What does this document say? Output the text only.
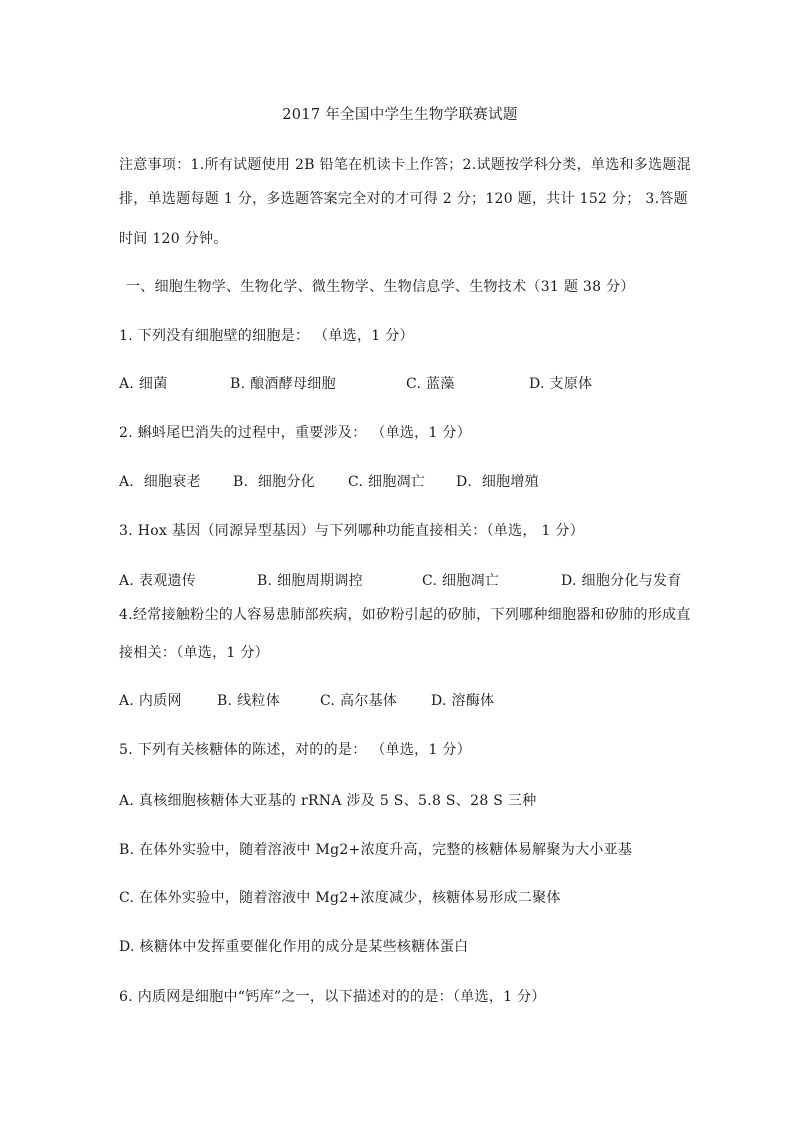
2017 年全国中学生生物学联赛试题
注意事项：1.所有试题使用 2B 铅笔在机读卡上作答；2.试题按学科分类，单选和多选题混
排，单选题每题 1 分，多选题答案完全对的才可得 2 分；120 题，共计 152 分； 3.答题
时间 120 分钟。
一、细胞生物学、生物化学、微生物学、生物信息学、生物技术（31 题 38 分）
1. 下列没有细胞壁的细胞是： （单选，1 分）
A. 细菌	B. 酿酒酵母细胞	C. 蓝藻	D. 支原体
2. 蝌蚪尾巴消失的过程中，重要涉及： （单选，1 分）
A．细胞衰老 B．细胞分化 C. 细胞凋亡 D．细胞增殖
3. Hox 基因（同源异型基因）与下列哪种功能直接相关：（单选， 1 分）
A. 表观遗传	B. 细胞周期调控	C. 细胞凋亡	D. 细胞分化与发育
4.经常接触粉尘的人容易患肺部疾病，如矽粉引起的矽肺，下列哪种细胞器和矽肺的形成直
接相关：（单选，1 分）
A. 内质网	B. 线粒体	C. 高尔基体 D. 溶酶体
5. 下列有关核糖体的陈述，对的的是： （单选，1 分）
A. 真核细胞核糖体大亚基的 rRNA 涉及 5 S、5.8 S、28 S 三种
B. 在体外实验中，随着溶液中 Mg2+浓度升高，完整的核糖体易解聚为大小亚基
C. 在体外实验中，随着溶液中 Mg2+浓度减少，核糖体易形成二聚体
D. 核糖体中发挥重要催化作用的成分是某些核糖体蛋白
6. 内质网是细胞中“钙库”之一，以下描述对的的是：（单选，1 分）
